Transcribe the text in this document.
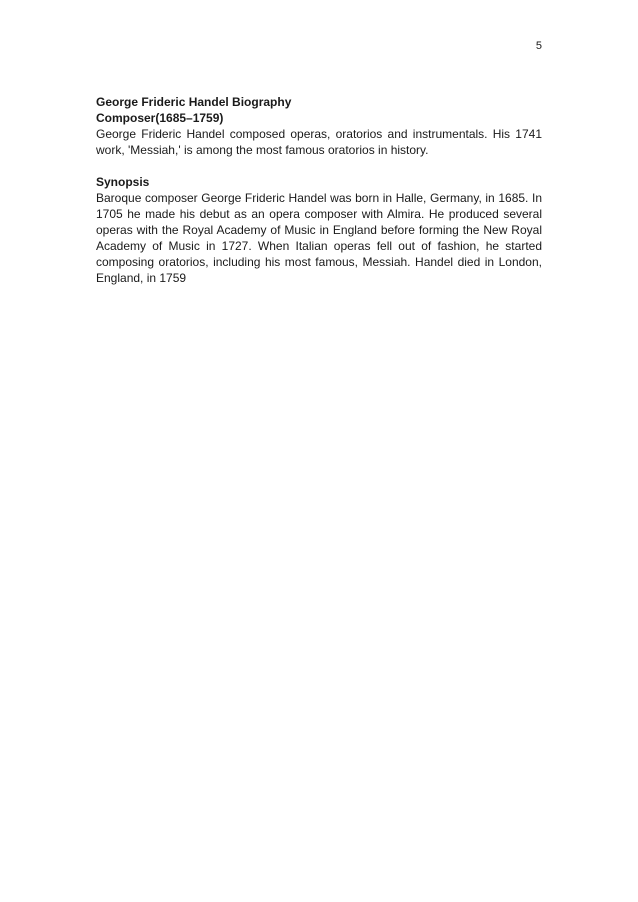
5

George Frideric Handel Biography

Composer(1685–1759)

George Frideric Handel composed operas, oratorios and instrumentals. His 1741 work, 'Messiah,' is among the most famous oratorios in history.

Synopsis

Baroque composer George Frideric Handel was born in Halle, Germany, in 1685. In 1705 he made his debut as an opera composer with Almira. He produced several operas with the Royal Academy of Music in England before forming the New Royal Academy of Music in 1727. When Italian operas fell out of fashion, he started composing oratorios, including his most famous, Messiah. Handel died in London, England, in 1759
